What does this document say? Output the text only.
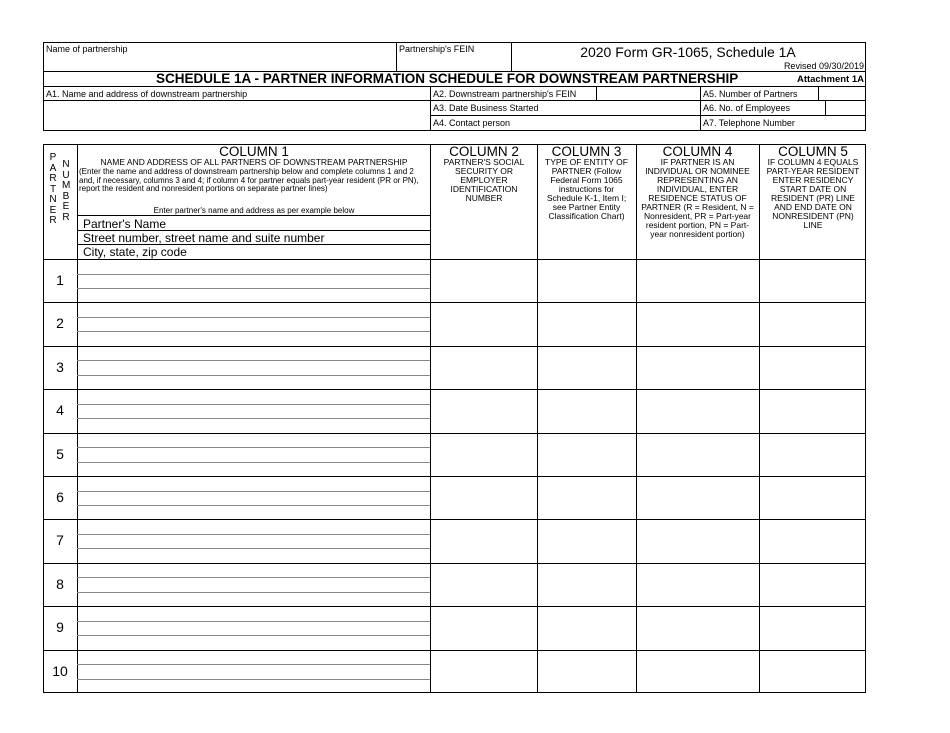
Name of partnership	Partnership's FEIN	2020 Form GR-1065, Schedule 1A
Revised 09/30/2019
SCHEDULE 1A - PARTNER INFORMATION SCHEDULE FOR DOWNSTREAM PARTNERSHIP	Attachment 1A
A1. Name and address of downstream partnership	A2. Downstream partnership's FEIN
A3. Date Business Started
A4. Contact person
A5. Number of Partners
A6. No. of Employees
A7. Telephone Number
PARTNER
NUMBER
COLUMN 1
NAME AND ADDRESS OF ALL PARTNERS OF DOWNSTREAM PARTNERSHIP
(Enter the name and address of downstream partnership below and complete columns 1 and 2 and, if necessary, columns 3 and 4; if column 4 for partner equals part-year resident (PR or PN), report the resident and nonresident portions on separate partner lines)
Enter partner's name and address as per example below
Partner's Name
Street number, street name and suite number
City, state, zip code
COLUMN 2
PARTNER'S SOCIAL SECURITY OR EMPLOYER IDENTIFICATION NUMBER
COLUMN 3
TYPE OF ENTITY OF PARTNER (Follow Federal Form 1065 instructions for Schedule K-1, Item I; see Partner Entity Classification Chart)
COLUMN 4
IF PARTNER IS AN INDIVIDUAL OR NOMINEE REPRESENTING AN INDIVIDUAL, ENTER RESIDENCE STATUS OF PARTNER (R = Resident, N = Nonresident, PR = Part-year resident portion, PN = Part-year nonresident portion)
COLUMN 5
IF COLUMN 4 EQUALS PART-YEAR RESIDENT ENTER RESIDENCY START DATE ON RESIDENT (PR) LINE AND END DATE ON NONRESIDENT (PN) LINE
1
2
3
4
5
6
7
8
9
10
